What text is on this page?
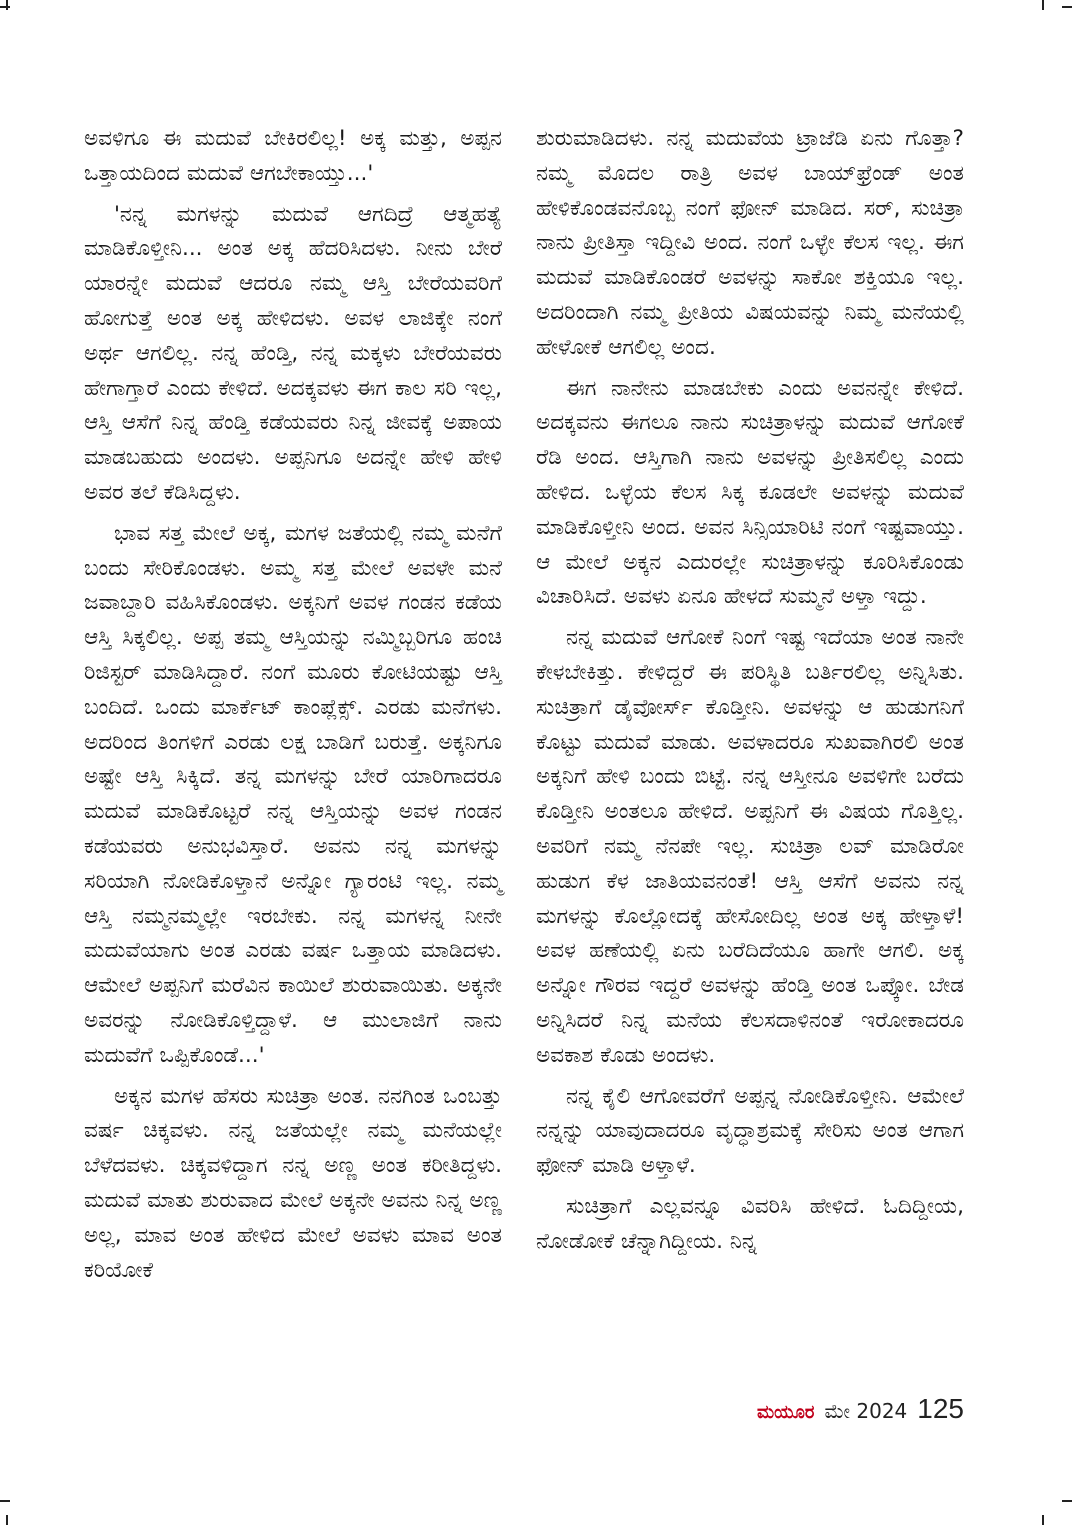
ಅವಳಿಗೂ ಈ ಮದುವೆ ಬೇಕಿರಲಿಲ್ಲ! ಅಕ್ಕ ಮತ್ತು, ಅಪ್ಪನ ಒತ್ತಾಯದಿಂದ ಮದುವೆ ಆಗಬೇಕಾಯ್ತು...'

'ನನ್ನ ಮಗಳನ್ನು ಮದುವೆ ಆಗದಿದ್ರೆ ಆತ್ಮಹತ್ಯೆ ಮಾಡಿಕೊಳ್ತೀನಿ... ಅಂತ ಅಕ್ಕ ಹೆದರಿಸಿದಳು. ನೀನು ಬೇರೆ ಯಾರನ್ನೇ ಮದುವೆ ಆದರೂ ನಮ್ಮ ಆಸ್ತಿ ಬೇರೆಯವರಿಗೆ ಹೋಗುತ್ತೆ ಅಂತ ಅಕ್ಕ ಹೇಳಿದಳು. ಅವಳ ಲಾಜಿಕ್ಕೇ ನಂಗೆ ಅರ್ಥ ಆಗಲಿಲ್ಲ. ನನ್ನ ಹೆಂಡ್ತಿ, ನನ್ನ ಮಕ್ಕಳು ಬೇರೆಯವರು ಹೇಗಾಗ್ತಾರೆ ಎಂದು ಕೇಳಿದೆ. ಅದಕ್ಕವಳು ಈಗ ಕಾಲ ಸರಿ ಇಲ್ಲ, ಆಸ್ತಿ ಆಸೆಗೆ ನಿನ್ನ ಹೆಂಡ್ತಿ ಕಡೆಯವರು ನಿನ್ನ ಜೀವಕ್ಕೆ ಅಪಾಯ ಮಾಡಬಹುದು ಅಂದಳು. ಅಪ್ಪನಿಗೂ ಅದನ್ನೇ ಹೇಳಿ ಹೇಳಿ ಅವರ ತಲೆ ಕೆಡಿಸಿದ್ದಳು.

ಭಾವ ಸತ್ತ ಮೇಲೆ ಅಕ್ಕ, ಮಗಳ ಜತೆಯಲ್ಲಿ ನಮ್ಮ ಮನೆಗೆ ಬಂದು ಸೇರಿಕೊಂಡಳು. ಅಮ್ಮ ಸತ್ತ ಮೇಲೆ ಅವಳೇ ಮನೆ ಜವಾಬ್ದಾರಿ ವಹಿಸಿಕೊಂಡಳು. ಅಕ್ಕನಿಗೆ ಅವಳ ಗಂಡನ ಕಡೆಯ ಆಸ್ತಿ ಸಿಕ್ಕಲಿಲ್ಲ. ಅಪ್ಪ ತಮ್ಮ ಆಸ್ತಿಯನ್ನು ನಮ್ಮಿಬ್ಬರಿಗೂ ಹಂಚಿ ರಿಜಿಸ್ಟರ್ ಮಾಡಿಸಿದ್ದಾರೆ. ನಂಗೆ ಮೂರು ಕೋಟಿಯಷ್ಟು ಆಸ್ತಿ ಬಂದಿದೆ. ಒಂದು ಮಾರ್ಕೆಟ್ ಕಾಂಪ್ಲೆಕ್ಸ್. ಎರಡು ಮನೆಗಳು. ಅದರಿಂದ ತಿಂಗಳಿಗೆ ಎರಡು ಲಕ್ಷ ಬಾಡಿಗೆ ಬರುತ್ತೆ. ಅಕ್ಕನಿಗೂ ಅಷ್ಟೇ ಆಸ್ತಿ ಸಿಕ್ಕಿದೆ. ತನ್ನ ಮಗಳನ್ನು ಬೇರೆ ಯಾರಿಗಾದರೂ ಮದುವೆ ಮಾಡಿಕೊಟ್ಟರೆ ನನ್ನ ಆಸ್ತಿಯನ್ನು ಅವಳ ಗಂಡನ ಕಡೆಯವರು ಅನುಭವಿಸ್ತಾರೆ. ಅವನು ನನ್ನ ಮಗಳನ್ನು ಸರಿಯಾಗಿ ನೋಡಿಕೊಳ್ತಾನೆ ಅನ್ನೋ ಗ್ಯಾರಂಟಿ ಇಲ್ಲ. ನಮ್ಮ ಆಸ್ತಿ ನಮ್ಮನಮ್ಮಲ್ಲೇ ಇರಬೇಕು. ನನ್ನ ಮಗಳನ್ನ ನೀನೇ ಮದುವೆಯಾಗು ಅಂತ ಎರಡು ವರ್ಷ ಒತ್ತಾಯ ಮಾಡಿದಳು. ಆಮೇಲೆ ಅಪ್ಪನಿಗೆ ಮರೆವಿನ ಕಾಯಿಲೆ ಶುರುವಾಯಿತು. ಅಕ್ಕನೇ ಅವರನ್ನು ನೋಡಿಕೊಳ್ತಿದ್ದಾಳೆ. ಆ ಮುಲಾಜಿಗೆ ನಾನು ಮದುವೆಗೆ ಒಪ್ಪಿಕೊಂಡೆ...'

ಅಕ್ಕನ ಮಗಳ ಹೆಸರು ಸುಚಿತ್ರಾ ಅಂತ. ನನಗಿಂತ ಒಂಬತ್ತು ವರ್ಷ ಚಿಕ್ಕವಳು. ನನ್ನ ಜತೆಯಲ್ಲೇ ನಮ್ಮ ಮನೆಯಲ್ಲೇ ಬೆಳೆದವಳು. ಚಿಕ್ಕವಳಿದ್ದಾಗ ನನ್ನ ಅಣ್ಣ ಅಂತ ಕರೀತಿದ್ದಳು. ಮದುವೆ ಮಾತು ಶುರುವಾದ ಮೇಲೆ ಅಕ್ಕನೇ ಅವನು ನಿನ್ನ ಅಣ್ಣ ಅಲ್ಲ, ಮಾವ ಅಂತ ಹೇಳಿದ ಮೇಲೆ ಅವಳು ಮಾವ ಅಂತ ಕರಿಯೋಕೆ

ಶುರುಮಾಡಿದಳು. ನನ್ನ ಮದುವೆಯ ಟ್ರಾಜೆಡಿ ಏನು ಗೊತ್ತಾ? ನಮ್ಮ ಮೊದಲ ರಾತ್ರಿ ಅವಳ ಬಾಯ್‌ಫ್ರೆಂಡ್ ಅಂತ ಹೇಳಿಕೊಂಡವನೊಬ್ಬ ನಂಗೆ ಫೋನ್ ಮಾಡಿದ. ಸರ್, ಸುಚಿತ್ರಾ ನಾನು ಪ್ರೀತಿಸ್ತಾ ಇದ್ದೀವಿ ಅಂದ. ನಂಗೆ ಒಳ್ಳೇ ಕೆಲಸ ಇಲ್ಲ. ಈಗ ಮದುವೆ ಮಾಡಿಕೊಂಡರೆ ಅವಳನ್ನು ಸಾಕೋ ಶಕ್ತಿಯೂ ಇಲ್ಲ. ಅದರಿಂದಾಗಿ ನಮ್ಮ ಪ್ರೀತಿಯ ವಿಷಯವನ್ನು ನಿಮ್ಮ ಮನೆಯಲ್ಲಿ ಹೇಳೋಕೆ ಆಗಲಿಲ್ಲ ಅಂದ.

ಈಗ ನಾನೇನು ಮಾಡಬೇಕು ಎಂದು ಅವನನ್ನೇ ಕೇಳಿದೆ. ಅದಕ್ಕವನು ಈಗಲೂ ನಾನು ಸುಚಿತ್ರಾಳನ್ನು ಮದುವೆ ಆಗೋಕೆ ರೆಡಿ ಅಂದ. ಆಸ್ತಿಗಾಗಿ ನಾನು ಅವಳನ್ನು ಪ್ರೀತಿಸಲಿಲ್ಲ ಎಂದು ಹೇಳಿದ. ಒಳ್ಳೆಯ ಕೆಲಸ ಸಿಕ್ಕ ಕೂಡಲೇ ಅವಳನ್ನು ಮದುವೆ ಮಾಡಿಕೊಳ್ತೀನಿ ಅಂದ. ಅವನ ಸಿನ್ಸಿಯಾರಿಟಿ ನಂಗೆ ಇಷ್ಟವಾಯ್ತು. ಆ ಮೇಲೆ ಅಕ್ಕನ ಎದುರಲ್ಲೇ ಸುಚಿತ್ರಾಳನ್ನು ಕೂರಿಸಿಕೊಂಡು ವಿಚಾರಿಸಿದೆ. ಅವಳು ಏನೂ ಹೇಳದೆ ಸುಮ್ಮನೆ ಅಳ್ತಾ ಇದ್ದು.

ನನ್ನ ಮದುವೆ ಆಗೋಕೆ ನಿಂಗೆ ಇಷ್ಟ ಇದೆಯಾ ಅಂತ ನಾನೇ ಕೇಳಬೇಕಿತ್ತು. ಕೇಳಿದ್ದರೆ ಈ ಪರಿಸ್ಥಿತಿ ಬರ್ತಿರಲಿಲ್ಲ ಅನ್ನಿಸಿತು. ಸುಚಿತ್ರಾಗೆ ಡೈವೋರ್ಸ್ ಕೊಡ್ತೀನಿ. ಅವಳನ್ನು ಆ ಹುಡುಗನಿಗೆ ಕೊಟ್ಟು ಮದುವೆ ಮಾಡು. ಅವಳಾದರೂ ಸುಖವಾಗಿರಲಿ ಅಂತ ಅಕ್ಕನಿಗೆ ಹೇಳಿ ಬಂದು ಬಿಟ್ಟೆ. ನನ್ನ ಆಸ್ತೀನೂ ಅವಳಿಗೇ ಬರೆದು ಕೊಡ್ತೀನಿ ಅಂತಲೂ ಹೇಳಿದೆ. ಅಪ್ಪನಿಗೆ ಈ ವಿಷಯ ಗೊತ್ತಿಲ್ಲ. ಅವರಿಗೆ ನಮ್ಮ ನೆನಪೇ ಇಲ್ಲ. ಸುಚಿತ್ರಾ ಲವ್ ಮಾಡಿರೋ ಹುಡುಗ ಕೆಳ ಜಾತಿಯವನಂತೆ! ಆಸ್ತಿ ಆಸೆಗೆ ಅವನು ನನ್ನ ಮಗಳನ್ನು ಕೊಲ್ಲೋದಕ್ಕೆ ಹೇಸೋದಿಲ್ಲ ಅಂತ ಅಕ್ಕ ಹೇಳ್ತಾಳೆ! ಅವಳ ಹಣೆಯಲ್ಲಿ ಏನು ಬರೆದಿದೆಯೂ ಹಾಗೇ ಆಗಲಿ. ಅಕ್ಕ ಅನ್ನೋ ಗೌರವ ಇದ್ದರೆ ಅವಳನ್ನು ಹೆಂಡ್ತಿ ಅಂತ ಒಪ್ಕೋ. ಬೇಡ ಅನ್ನಿಸಿದರೆ ನಿನ್ನ ಮನೆಯ ಕೆಲಸದಾಳಿನಂತೆ ಇರೋಕಾದರೂ ಅವಕಾಶ ಕೊಡು ಅಂದಳು.

ನನ್ನ ಕೈಲಿ ಆಗೋವರೆಗೆ ಅಪ್ಪನ್ನ ನೋಡಿಕೊಳ್ತೀನಿ. ಆಮೇಲೆ ನನ್ನನ್ನು ಯಾವುದಾದರೂ ವೃದ್ಧಾಶ್ರಮಕ್ಕೆ ಸೇರಿಸು ಅಂತ ಆಗಾಗ ಫೋನ್ ಮಾಡಿ ಅಳ್ತಾಳೆ.

ಸುಚಿತ್ರಾಗೆ ಎಲ್ಲವನ್ನೂ ವಿವರಿಸಿ ಹೇಳಿದೆ. ಓದಿದ್ದೀಯ, ನೋಡೋಕೆ ಚೆನ್ನಾಗಿದ್ದೀಯ. ನಿನ್ನ

ಮಯೂರ ಮೇ 2024 125
